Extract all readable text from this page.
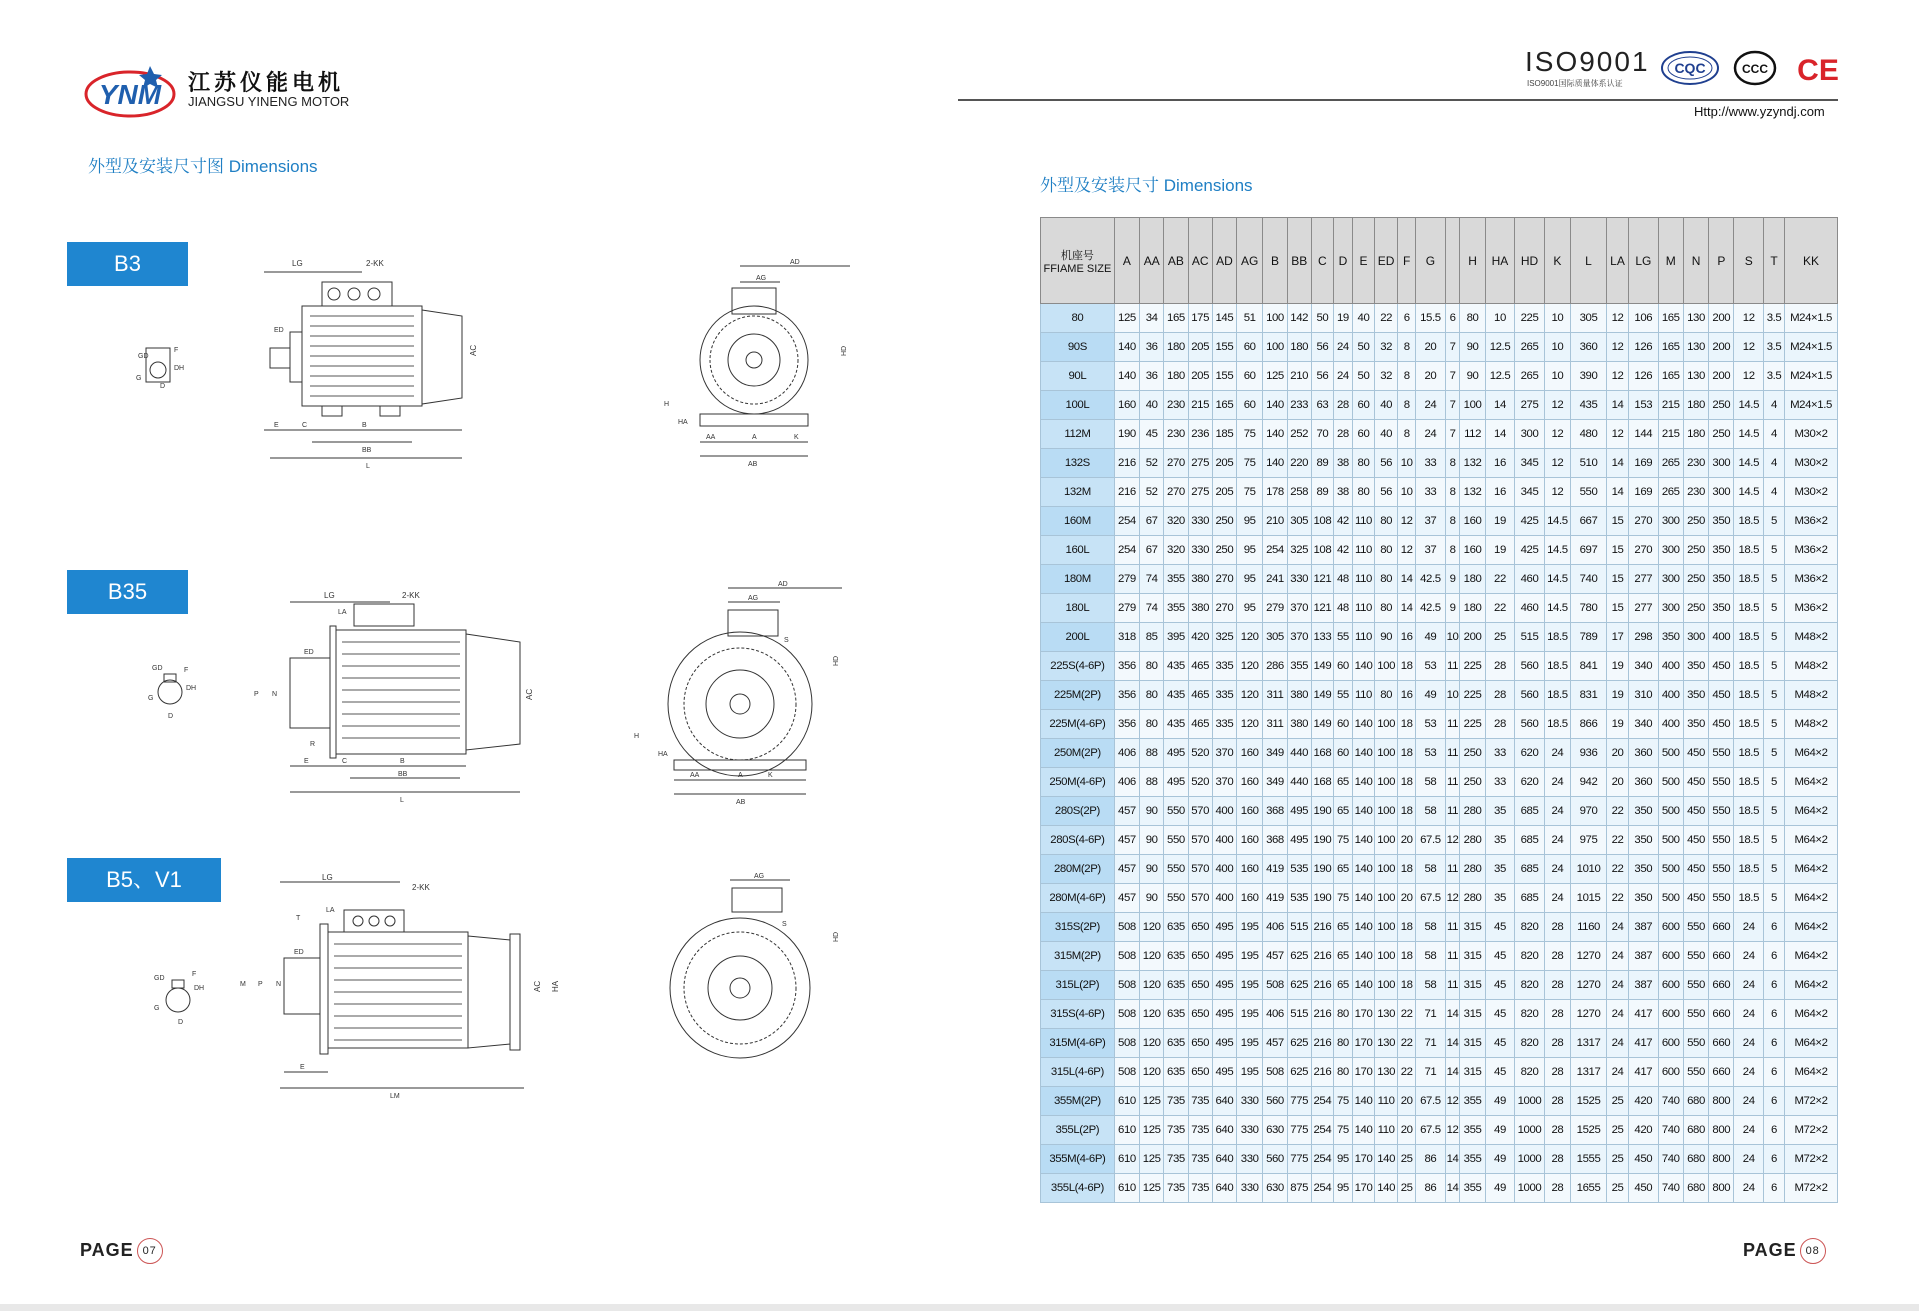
YNM 江苏仪能电机
JIANGSU YINENG MOTOR
外型及安装尺寸图 Dimensions
ISO9001
ISO9001国际质量体系认证
CQC	CCC CE
Http://www.yzyndj.com
B3
B35
B5、V1
GD
F
DH
G
D
LG	2-KK
ED
AC
E	C	B
BB
L
AD
AG
HD
H
HA
AA	A	K
AB
GD	F
DH
G
D
LG	2-KK
LA
ED
P N	AC
R
E	C	B
BB
L
AD
AG
S
HD
H
HA
AA	A	K
AB
GD
F
DH
G
D
LG
2-KK
T
LA
M P N
ED
AC HA
E
LM
AG
S
HD
外型及安装尺寸 Dimensions
机座号 FFIAME SIZE	A	AA	AB	AC	AD	AG	B	BB	C	D	E	ED	F	G		H	HA	HD	K	L	LA	LG	M	N	P	S	T	KK
80	125	34	165	175	145	51	100	142	50	19	40	22	6	15.5	6	80	10	225	10	305	12	106	165	130	200	12	3.5	M24×1.5
90S	140	36	180	205	155	60	100	180	56	24	50	32	8	20	7	90	12.5	265	10	360	12	126	165	130	200	12	3.5	M24×1.5
90L	140	36	180	205	155	60	125	210	56	24	50	32	8	20	7	90	12.5	265	10	390	12	126	165	130	200	12	3.5	M24×1.5
100L	160	40	230	215	165	60	140	233	63	28	60	40	8	24	7	100	14	275	12	435	14	153	215	180	250	14.5	4	M24×1.5
112M	190	45	230	236	185	75	140	252	70	28	60	40	8	24	7	112	14	300	12	480	12	144	215	180	250	14.5	4	M30×2
132S	216	52	270	275	205	75	140	220	89	38	80	56	10	33	8	132	16	345	12	510	14	169	265	230	300	14.5	4	M30×2
132M	216	52	270	275	205	75	178	258	89	38	80	56	10	33	8	132	16	345	12	550	14	169	265	230	300	14.5	4	M30×2
160M	254	67	320	330	250	95	210	305	108	42	110	80	12	37	8	160	19	425	14.5	667	15	270	300	250	350	18.5	5	M36×2
160L	254	67	320	330	250	95	254	325	108	42	110	80	12	37	8	160	19	425	14.5	697	15	270	300	250	350	18.5	5	M36×2
180M	279	74	355	380	270	95	241	330	121	48	110	80	14	42.5	9	180	22	460	14.5	740	15	277	300	250	350	18.5	5	M36×2
180L	279	74	355	380	270	95	279	370	121	48	110	80	14	42.5	9	180	22	460	14.5	780	15	277	300	250	350	18.5	5	M36×2
200L	318	85	395	420	325	120	305	370	133	55	110	90	16	49	10	200	25	515	18.5	789	17	298	350	300	400	18.5	5	M48×2
225S(4-6P)	356	80	435	465	335	120	286	355	149	60	140	100	18	53	11	225	28	560	18.5	841	19	340	400	350	450	18.5	5	M48×2
225M(2P)	356	80	435	465	335	120	311	380	149	55	110	80	16	49	10	225	28	560	18.5	831	19	310	400	350	450	18.5	5	M48×2
225M(4-6P)	356	80	435	465	335	120	311	380	149	60	140	100	18	53	11	225	28	560	18.5	866	19	340	400	350	450	18.5	5	M48×2
250M(2P)	406	88	495	520	370	160	349	440	168	60	140	100	18	53	11	250	33	620	24	936	20	360	500	450	550	18.5	5	M64×2
250M(4-6P)	406	88	495	520	370	160	349	440	168	65	140	100	18	58	11	250	33	620	24	942	20	360	500	450	550	18.5	5	M64×2
280S(2P)	457	90	550	570	400	160	368	495	190	65	140	100	18	58	11	280	35	685	24	970	22	350	500	450	550	18.5	5	M64×2
280S(4-6P)	457	90	550	570	400	160	368	495	190	75	140	100	20	67.5	12	280	35	685	24	975	22	350	500	450	550	18.5	5	M64×2
280M(2P)	457	90	550	570	400	160	419	535	190	65	140	100	18	58	11	280	35	685	24	1010	22	350	500	450	550	18.5	5	M64×2
280M(4-6P)	457	90	550	570	400	160	419	535	190	75	140	100	20	67.5	12	280	35	685	24	1015	22	350	500	450	550	18.5	5	M64×2
315S(2P)	508	120	635	650	495	195	406	515	216	65	140	100	18	58	11	315	45	820	28	1160	24	387	600	550	660	24	6	M64×2
315M(2P)	508	120	635	650	495	195	457	625	216	65	140	100	18	58	11	315	45	820	28	1270	24	387	600	550	660	24	6	M64×2
315L(2P)	508	120	635	650	495	195	508	625	216	65	140	100	18	58	11	315	45	820	28	1270	24	387	600	550	660	24	6	M64×2
315S(4-6P)	508	120	635	650	495	195	406	515	216	80	170	130	22	71	14	315	45	820	28	1270	24	417	600	550	660	24	6	M64×2
315M(4-6P)	508	120	635	650	495	195	457	625	216	80	170	130	22	71	14	315	45	820	28	1317	24	417	600	550	660	24	6	M64×2
315L(4-6P)	508	120	635	650	495	195	508	625	216	80	170	130	22	71	14	315	45	820	28	1317	24	417	600	550	660	24	6	M64×2
355M(2P)	610	125	735	735	640	330	560	775	254	75	140	110	20	67.5	12	355	49	1000	28	1525	25	420	740	680	800	24	6	M72×2
355L(2P)	610	125	735	735	640	330	630	775	254	75	140	110	20	67.5	12	355	49	1000	28	1525	25	420	740	680	800	24	6	M72×2
355M(4-6P)	610	125	735	735	640	330	560	775	254	95	170	140	25	86	14	355	49	1000	28	1555	25	450	740	680	800	24	6	M72×2
355L(4-6P)	610	125	735	735	640	330	630	875	254	95	170	140	25	86	14	355	49	1000	28	1655	25	450	740	680	800	24	6	M72×2
PAGE 07	PAGE 08
